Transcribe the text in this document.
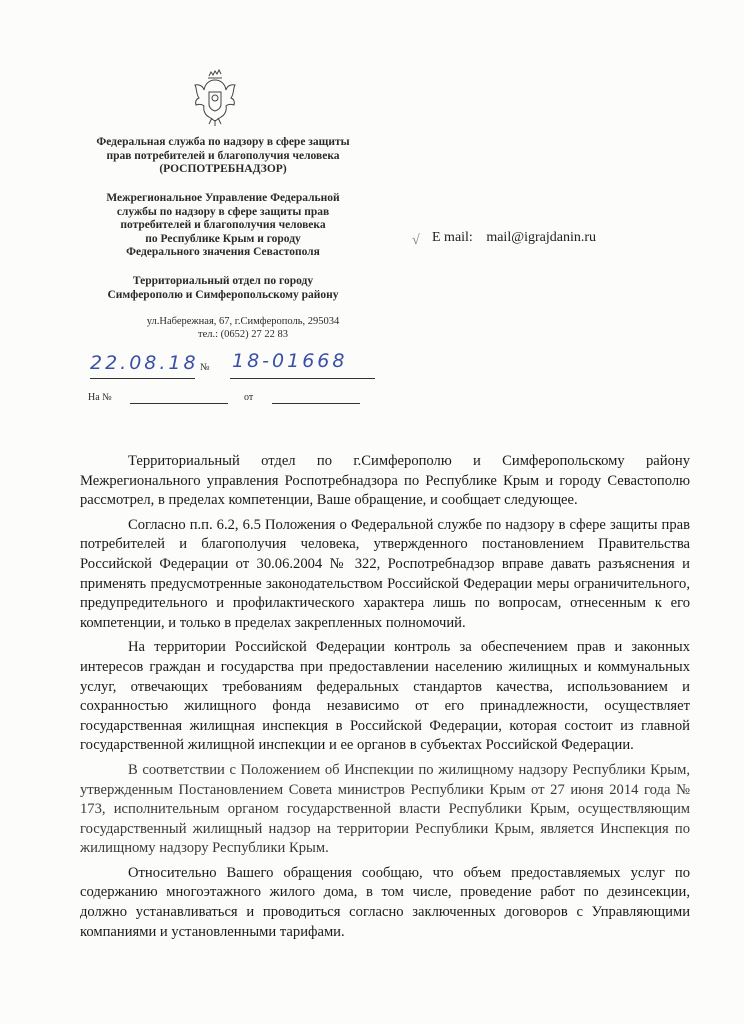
Федеральная служба по надзору в сфере защиты
прав потребителей и благополучия человека
(РОСПОТРЕБНАДЗОР)
Межрегиональное Управление Федеральной
службы по надзору в сфере защиты прав
потребителей и благополучия человека
по Республике Крым и городу
Федерального значения Севастополя
Территориальный отдел по городу
Симферополю и Симферопольскому району
ул.Набережная, 67, г.Симферополь, 295034
тел.: (0652) 27 22 83
√ E mail: mail@igrajdanin.ru
22.08.18 № 18-01668
На №	от

Территориальный отдел по г.Симферополю и Симферопольскому району Межрегионального управления Роспотребнадзора по Республике Крым и городу Севастополю рассмотрел, в пределах компетенции, Ваше обращение, и сообщает следующее.

Согласно п.п. 6.2, 6.5 Положения о Федеральной службе по надзору в сфере защиты прав потребителей и благополучия человека, утвержденного постановлением Правительства Российской Федерации от 30.06.2004 № 322, Роспотребнадзор вправе давать разъяснения и применять предусмотренные законодательством Российской Федерации меры ограничительного, предупредительного и профилактического характера лишь по вопросам, отнесенным к его компетенции, и только в пределах закрепленных полномочий.

На территории Российской Федерации контроль за обеспечением прав и законных интересов граждан и государства при предоставлении населению жилищных и коммунальных услуг, отвечающих требованиям федеральных стандартов качества, использованием и сохранностью жилищного фонда независимо от его принадлежности, осуществляет государственная жилищная инспекция в Российской Федерации, которая состоит из главной государственной жилищной инспекции и ее органов в субъектах Российской Федерации.

В соответствии с Положением об Инспекции по жилищному надзору Республики Крым, утвержденным Постановлением Совета министров Республики Крым от 27 июня 2014 года № 173, исполнительным органом государственной власти Республики Крым, осуществляющим государственный жилищный надзор на территории Республики Крым, является Инспекция по жилищному надзору Республики Крым.

Относительно Вашего обращения сообщаю, что объем предоставляемых услуг по содержанию многоэтажного жилого дома, в том числе, проведение работ по дезинсекции, должно устанавливаться и проводиться согласно заключенных договоров с Управляющими компаниями и установленными тарифами.
